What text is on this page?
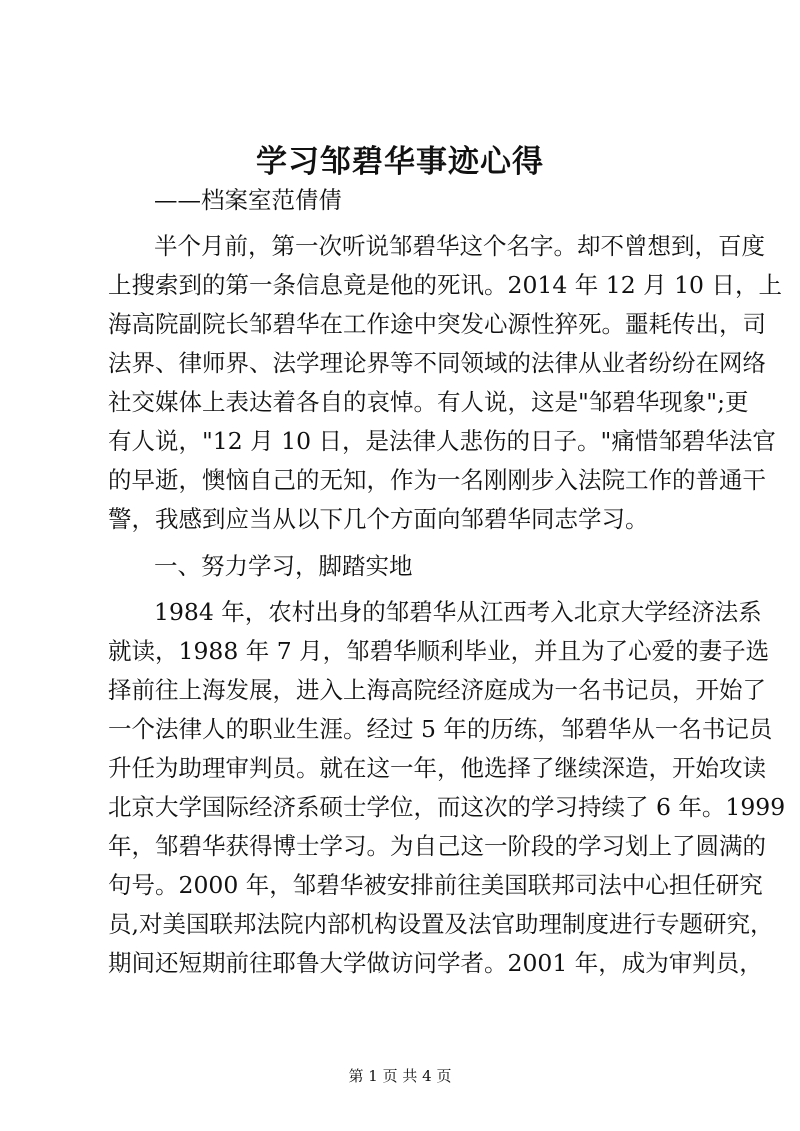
学习邹碧华事迹心得
——档案室范倩倩
半个月前，第一次听说邹碧华这个名字。却不曾想到，百度
上搜索到的第一条信息竟是他的死讯。2014 年 12 月 10 日，上
海高院副院长邹碧华在工作途中突发心源性猝死。噩耗传出，司
法界、律师界、法学理论界等不同领域的法律从业者纷纷在网络
社交媒体上表达着各自的哀悼。有人说，这是"邹碧华现象";更
有人说，"12 月 10 日，是法律人悲伤的日子。"痛惜邹碧华法官
的早逝，懊恼自己的无知，作为一名刚刚步入法院工作的普通干
警，我感到应当从以下几个方面向邹碧华同志学习。
一、努力学习，脚踏实地
1984 年，农村出身的邹碧华从江西考入北京大学经济法系
就读，1988 年 7 月，邹碧华顺利毕业，并且为了心爱的妻子选
择前往上海发展，进入上海高院经济庭成为一名书记员，开始了
一个法律人的职业生涯。经过 5 年的历练，邹碧华从一名书记员
升任为助理审判员。就在这一年，他选择了继续深造，开始攻读
北京大学国际经济系硕士学位，而这次的学习持续了 6 年。1999
年，邹碧华获得博士学习。为自己这一阶段的学习划上了圆满的
句号。2000 年，邹碧华被安排前往美国联邦司法中心担任研究
员,对美国联邦法院内部机构设置及法官助理制度进行专题研究，
期间还短期前往耶鲁大学做访问学者。2001 年，成为审判员，
第 1 页 共 4 页
